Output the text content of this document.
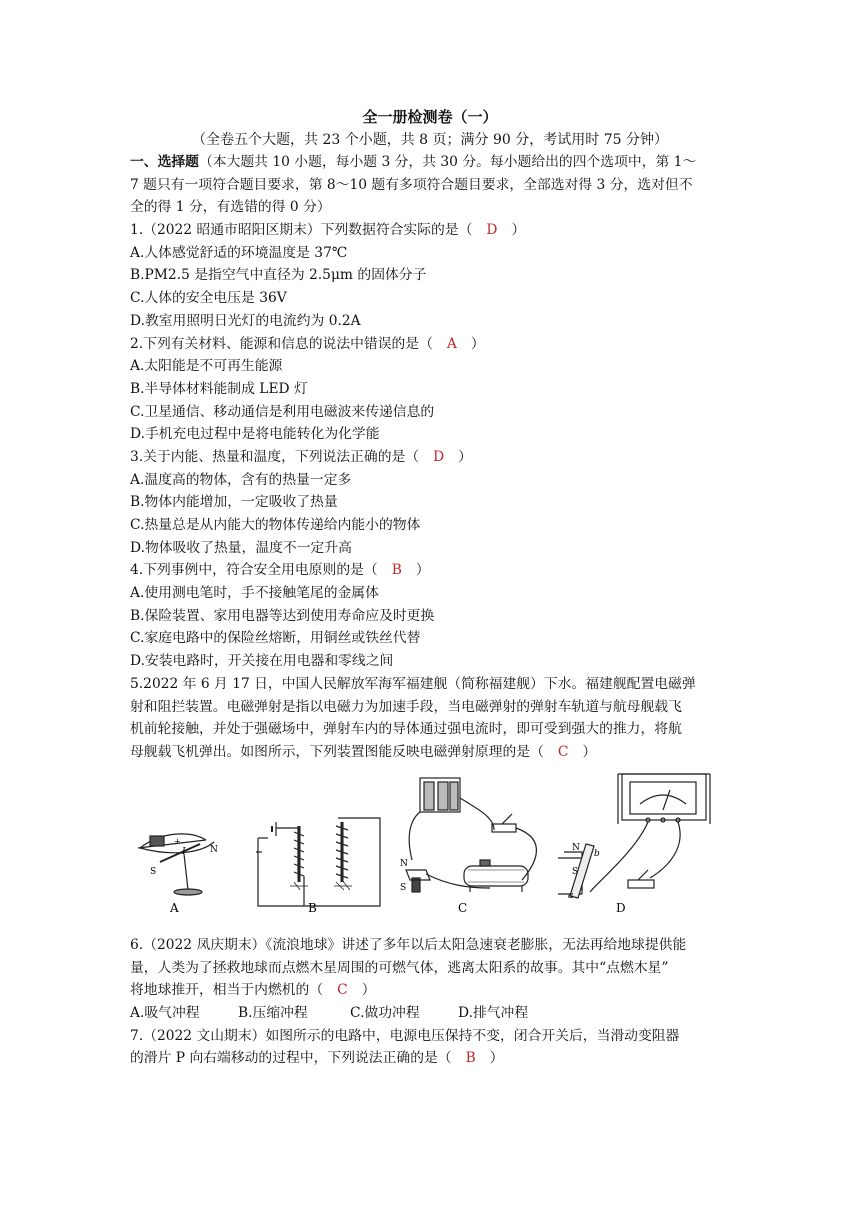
全一册检测卷（一）
（全卷五个大题，共 23 个小题，共 8 页；满分 90 分，考试用时 75 分钟）
一、选择题（本大题共 10 小题，每小题 3 分，共 30 分。每小题给出的四个选项中，第 1～
7 题只有一项符合题目要求，第 8～10 题有多项符合题目要求，全部选对得 3 分，选对但不
全的得 1 分，有选错的得 0 分）
1.（2022 昭通市昭阳区期末）下列数据符合实际的是（ D ）
A.人体感觉舒适的环境温度是 37℃
B.PM2.5 是指空气中直径为 2.5μm 的固体分子
C.人体的安全电压是 36V
D.教室用照明日光灯的电流约为 0.2A
2.下列有关材料、能源和信息的说法中错误的是（ A ）
A.太阳能是不可再生能源
B.半导体材料能制成 LED 灯
C.卫星通信、移动通信是利用电磁波来传递信息的
D.手机充电过程中是将电能转化为化学能
3.关于内能、热量和温度，下列说法正确的是（ D ）
A.温度高的物体，含有的热量一定多
B.物体内能增加，一定吸收了热量
C.热量总是从内能大的物体传递给内能小的物体
D.物体吸收了热量，温度不一定升高
4.下列事例中，符合安全用电原则的是（ B ）
A.使用测电笔时，手不接触笔尾的金属体
B.保险装置、家用电器等达到使用寿命应及时更换
C.家庭电路中的保险丝熔断，用铜丝或铁丝代替
D.安装电路时，开关接在用电器和零线之间
5.2022 年 6 月 17 日，中国人民解放军海军福建舰（简称福建舰）下水。福建舰配置电磁弹
射和阻拦装置。电磁弹射是指以电磁力为加速手段，当电磁弹射的弹射车轨道与航母舰载飞
机前轮接触，并处于强磁场中，弹射车内的导体通过强电流时，即可受到强大的推力，将航
母舰载飞机弹出。如图所示，下列装置图能反映电磁弹射原理的是（ C ）
A	B	C	D
+
I	N
S
N
S
N
S
b
a
6.（2022 凤庆期末）《流浪地球》讲述了多年以后太阳急速衰老膨胀，无法再给地球提供能
量，人类为了拯救地球而点燃木星周围的可燃气体，逃离太阳系的故事。其中“点燃木星”
将地球推开，相当于内燃机的（ C ）
A.吸气冲程	B.压缩冲程	C.做功冲程	D.排气冲程
7.（2022 文山期末）如图所示的电路中，电源电压保持不变，闭合开关后，当滑动变阻器
的滑片 P 向右端移动的过程中，下列说法正确的是（ B ）
